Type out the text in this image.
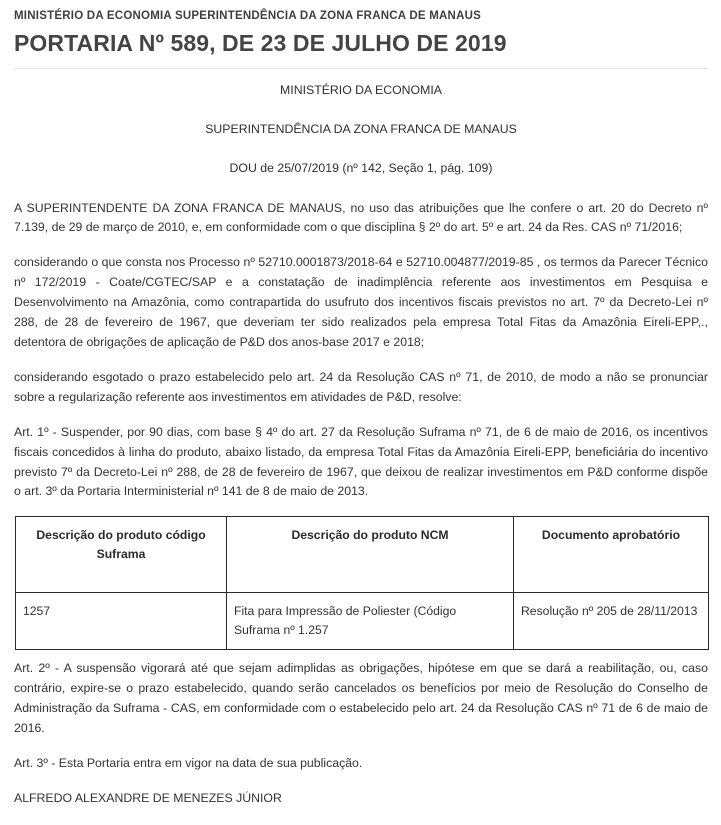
MINISTÉRIO DA ECONOMIA SUPERINTENDÊNCIA DA ZONA FRANCA DE MANAUS
PORTARIA Nº 589, DE 23 DE JULHO DE 2019
MINISTÉRIO DA ECONOMIA
SUPERINTENDÊNCIA DA ZONA FRANCA DE MANAUS
DOU de 25/07/2019 (nº 142, Seção 1, pág. 109)

A SUPERINTENDENTE DA ZONA FRANCA DE MANAUS, no uso das atribuições que lhe confere o art. 20 do Decreto nº 7.139, de 29 de março de 2010, e, em conformidade com o que disciplina § 2º do art. 5º e art. 24 da Res. CAS nº 71/2016;

considerando o que consta nos Processo nº 52710.0001873/2018-64 e 52710.004877/2019-85 , os termos da Parecer Técnico nº 172/2019 - Coate/CGTEC/SAP e a constatação de inadimplência referente aos investimentos em Pesquisa e Desenvolvimento na Amazônia, como contrapartida do usufruto dos incentivos fiscais previstos no art. 7º da Decreto-Lei nº 288, de 28 de fevereiro de 1967, que deveriam ter sido realizados pela empresa Total Fitas da Amazônia Eireli-EPP,., detentora de obrigações de aplicação de P&D dos anos-base 2017 e 2018;

considerando esgotado o prazo estabelecido pelo art. 24 da Resolução CAS nº 71, de 2010, de modo a não se pronunciar sobre a regularização referente aos investimentos em atividades de P&D, resolve:

Art. 1º - Suspender, por 90 dias, com base § 4º do art. 27 da Resolução Suframa nº 71, de 6 de maio de 2016, os incentivos fiscais concedidos à linha do produto, abaixo listado, da empresa Total Fitas da Amazônia Eireli-EPP, beneficiária do incentivo previsto 7º da Decreto-Lei nº 288, de 28 de fevereiro de 1967, que deixou de realizar investimentos em P&D conforme dispõe o art. 3º da Portaria Interministerial nº 141 de 8 de maio de 2013.

Descrição do produto código Suframa	Descrição do produto NCM	Documento aprobatório
1257	Fita para Impressão de Poliester (Código Suframa nº 1.257	Resolução nº 205 de 28/11/2013

Art. 2º - A suspensão vigorará até que sejam adimplidas as obrigações, hipótese em que se dará a reabilitação, ou, caso contrário, expire-se o prazo estabelecido, quando serão cancelados os benefícios por meio de Resolução do Conselho de Administração da Suframa - CAS, em conformidade com o estabelecido pelo art. 24 da Resolução CAS nº 71 de 6 de maio de 2016.

Art. 3º - Esta Portaria entra em vigor na data de sua publicação.

ALFREDO ALEXANDRE DE MENEZES JÚNIOR
